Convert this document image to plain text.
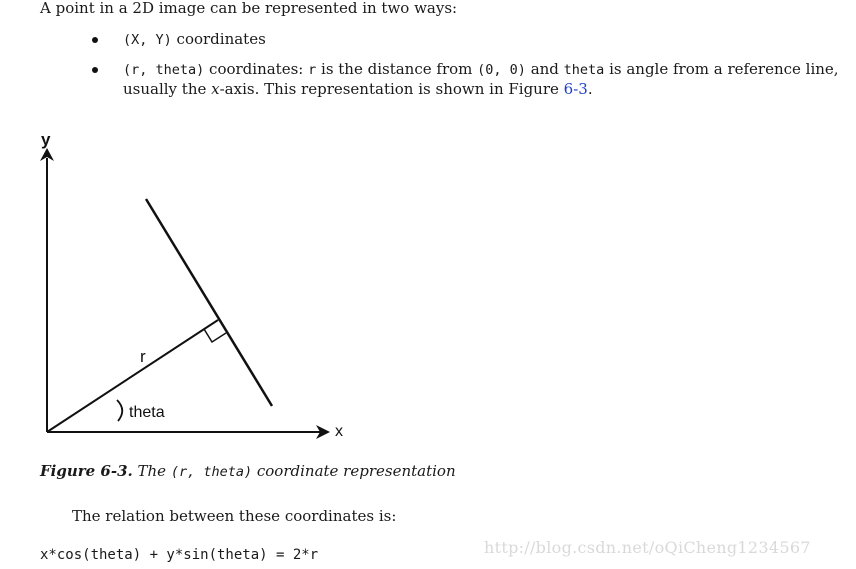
A point in a 2D image can be represented in two ways:
(X, Y) coordinates
(r, theta) coordinates: r is the distance from (0, 0) and theta is angle from a reference line,
usually the x-axis. This representation is shown in Figure 6-3.
y
x
r
theta
Figure 6-3. The (r, theta) coordinate representation
The relation between these coordinates is:
x*cos(theta) + y*sin(theta) = 2*r	http://blog.csdn.net/oQiCheng1234567
